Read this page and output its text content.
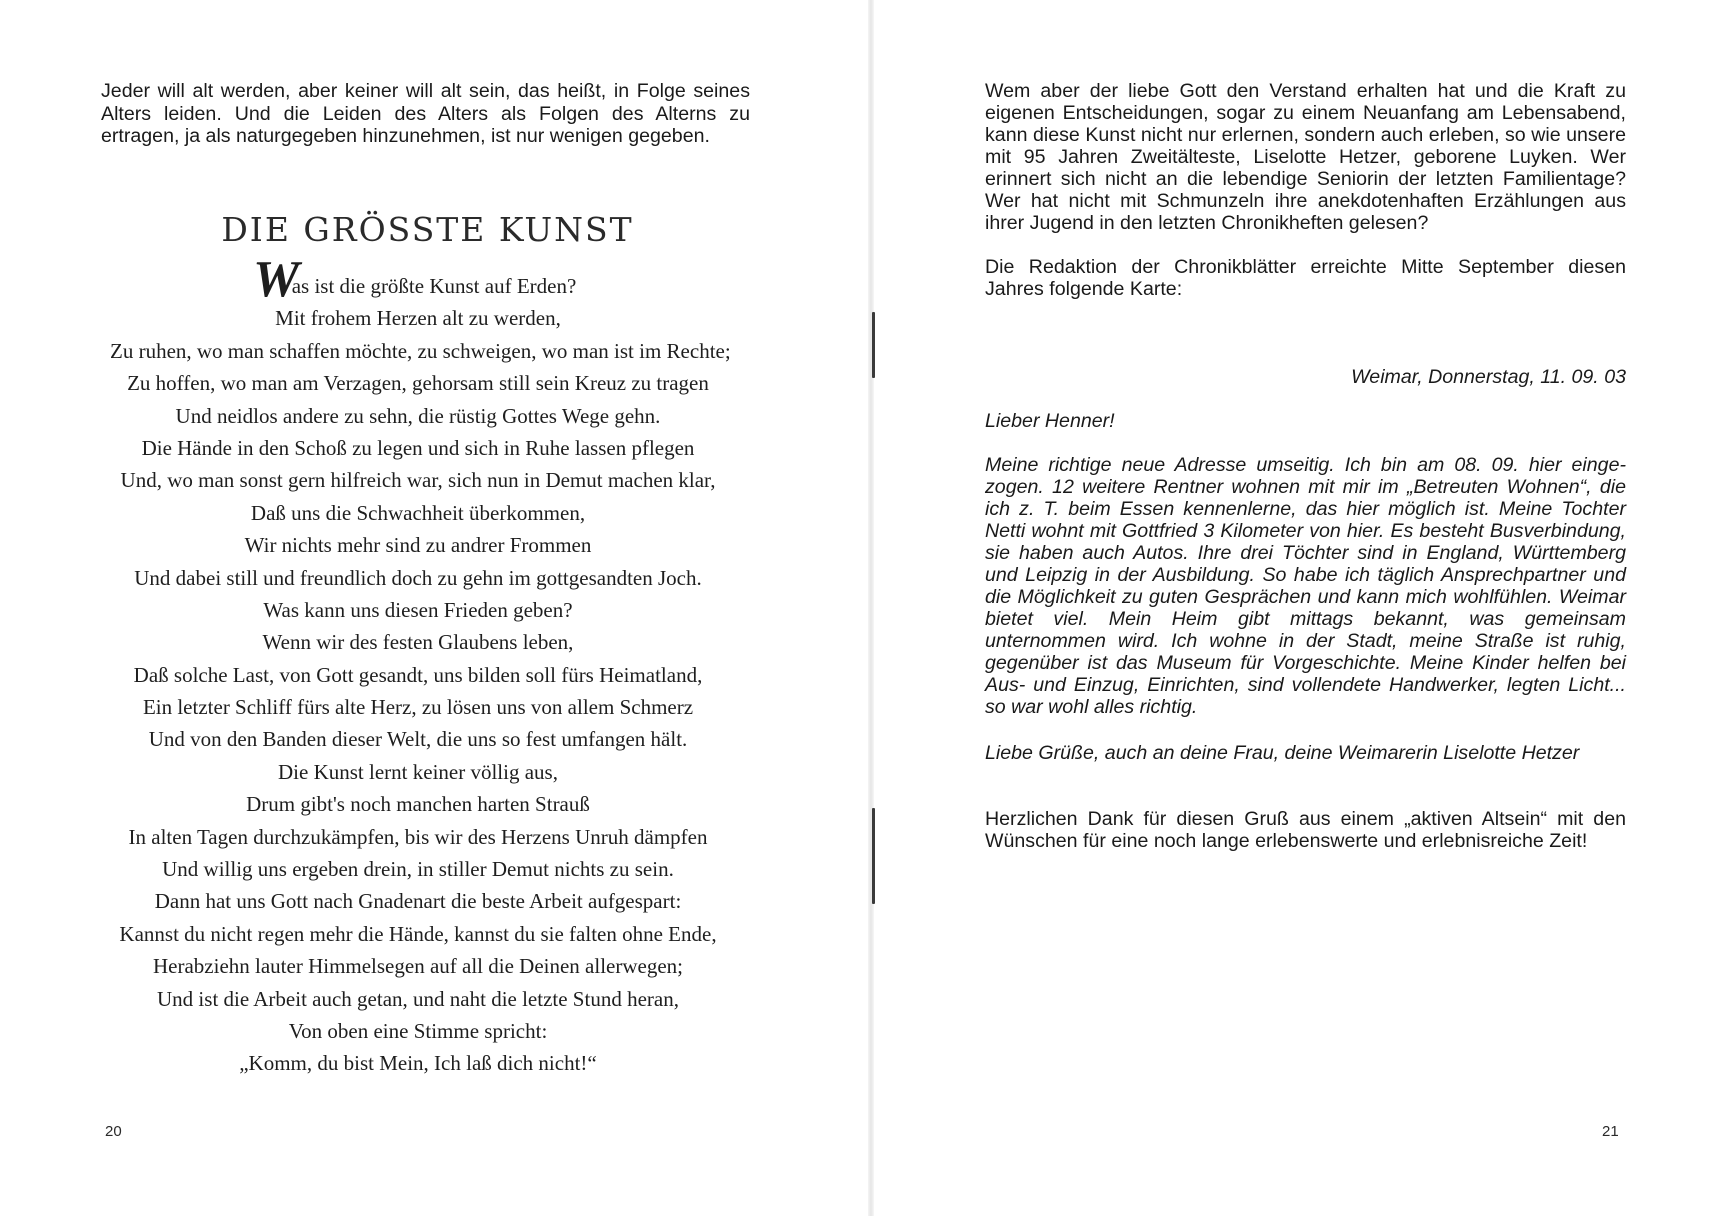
Jeder will alt werden, aber keiner will alt sein, das heißt, in Folge seines Alters leiden. Und die Leiden des Alters als Folgen des Alterns zu ertragen, ja als naturgegeben hinzunehmen, ist nur wenigen gegeben.

DIE GRÖSSTE KUNST
W
as ist die größte Kunst auf Erden?
Mit frohem Herzen alt zu werden,
Zu ruhen, wo man schaffen möchte, zu schweigen, wo man ist im Rechte;
Zu hoffen, wo man am Verzagen, gehorsam still sein Kreuz zu tragen
Und neidlos andere zu sehn, die rüstig Gottes Wege gehn.
Die Hände in den Schoß zu legen und sich in Ruhe lassen pflegen
Und, wo man sonst gern hilfreich war, sich nun in Demut machen klar,
Daß uns die Schwachheit überkommen,
Wir nichts mehr sind zu andrer Frommen
Und dabei still und freundlich doch zu gehn im gottgesandten Joch.
Was kann uns diesen Frieden geben?
Wenn wir des festen Glaubens leben,
Daß solche Last, von Gott gesandt, uns bilden soll fürs Heimatland,
Ein letzter Schliff fürs alte Herz, zu lösen uns von allem Schmerz
Und von den Banden dieser Welt, die uns so fest umfangen hält.
Die Kunst lernt keiner völlig aus,
Drum gibt's noch manchen harten Strauß
In alten Tagen durchzukämpfen, bis wir des Herzens Unruh dämpfen
Und willig uns ergeben drein, in stiller Demut nichts zu sein.
Dann hat uns Gott nach Gnadenart die beste Arbeit aufgespart:
Kannst du nicht regen mehr die Hände, kannst du sie falten ohne Ende,
Herabziehn lauter Himmelsegen auf all die Deinen allerwegen;
Und ist die Arbeit auch getan, und naht die letzte Stund heran,
Von oben eine Stimme spricht:
„Komm, du bist Mein, Ich laß dich nicht!“
20

Wem aber der liebe Gott den Verstand erhalten hat und die Kraft zu eigenen Entscheidungen, sogar zu einem Neuanfang am Lebensabend, kann diese Kunst nicht nur erlernen, sondern auch erleben, so wie unsere mit 95 Jahren Zweitälteste, Liselotte Hetzer, geborene Luyken. Wer erinnert sich nicht an die lebendige Seniorin der letzten Familientage? Wer hat nicht mit Schmunzeln ihre anekdotenhaften Erzählungen aus ihrer Jugend in den letzten Chronikheften gelesen?

Die Redaktion der Chronikblätter erreichte Mitte September diesen Jahres folgende Karte:

Weimar, Donnerstag, 11. 09. 03

Lieber Henner!

Meine richtige neue Adresse umseitig. Ich bin am 08. 09. hier eingezogen. 12 weitere Rentner wohnen mit mir im „Betreuten Wohnen“, die ich z. T. beim Essen kennenlerne, das hier möglich ist. Meine Tochter Netti wohnt mit Gottfried 3 Kilometer von hier. Es besteht Busverbindung, sie haben auch Autos. Ihre drei Töchter sind in England, Württemberg und Leipzig in der Ausbildung. So habe ich täglich Ansprechpartner und die Möglichkeit zu guten Gesprächen und kann mich wohlfühlen. Weimar bietet viel. Mein Heim gibt mittags bekannt, was gemeinsam unternommen wird. Ich wohne in der Stadt, meine Straße ist ruhig, gegenüber ist das Museum für Vorgeschichte. Meine Kinder helfen bei Aus- und Einzug, Einrichten, sind vollendete Handwerker, legten Licht... so war wohl alles richtig.

Liebe Grüße, auch an deine Frau, deine Weimarerin Liselotte Hetzer

Herzlichen Dank für diesen Gruß aus einem „aktiven Altsein“ mit den Wünschen für eine noch lange erlebenswerte und erlebnisreiche Zeit!

21
